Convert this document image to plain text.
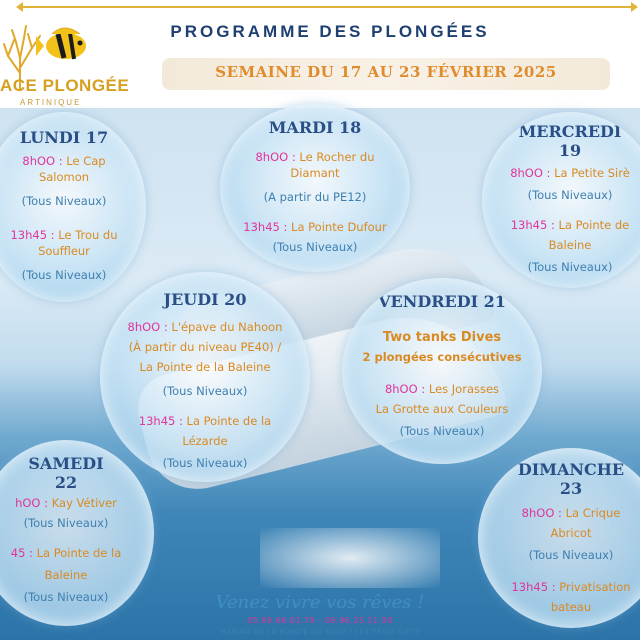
ACE PLONGÉE
ARTINIQUE
PROGRAMME DES PLONGÉES
SEMAINE DU 17 AU 23 FÉVRIER 2025
LUNDI 17
8hOO : Le Cap
Salomon
(Tous Niveaux)
13h45 : Le Trou du
Souffleur
(Tous Niveaux)
MARDI 18
8hOO : Le Rocher du
Diamant
(A partir du PE12)
13h45 : La Pointe Dufour
(Tous Niveaux)
MERCREDI
19
8hOO : La Petite Sirè
(Tous Niveaux)
13h45 : La Pointe de
Baleine
(Tous Niveaux)
JEUDI 20
8hOO : L'épave du Nahoon
(À partir du niveau PE40) /
La Pointe de la Baleine
(Tous Niveaux)
13h45 : La Pointe de la
Lézarde
(Tous Niveaux)
VENDREDI 21
Two tanks Dives
2 plongées consécutives
8hOO : Les Jorasses
La Grotte aux Couleurs
(Tous Niveaux)
SAMEDI
22
hOO : Kay Vétiver
(Tous Niveaux)
45 : La Pointe de la
Baleine
(Tous Niveaux)
DIMANCHE
23
8hOO : La Crique
Abricot
(Tous Niveaux)
13h45 : Privatisation
bateau
Venez vivre vos rêves !
05.96.66.01.79 - 06.96.25.11.90
MARINA DE LA POINTE DU BOUT - LES TROIS ILETS
